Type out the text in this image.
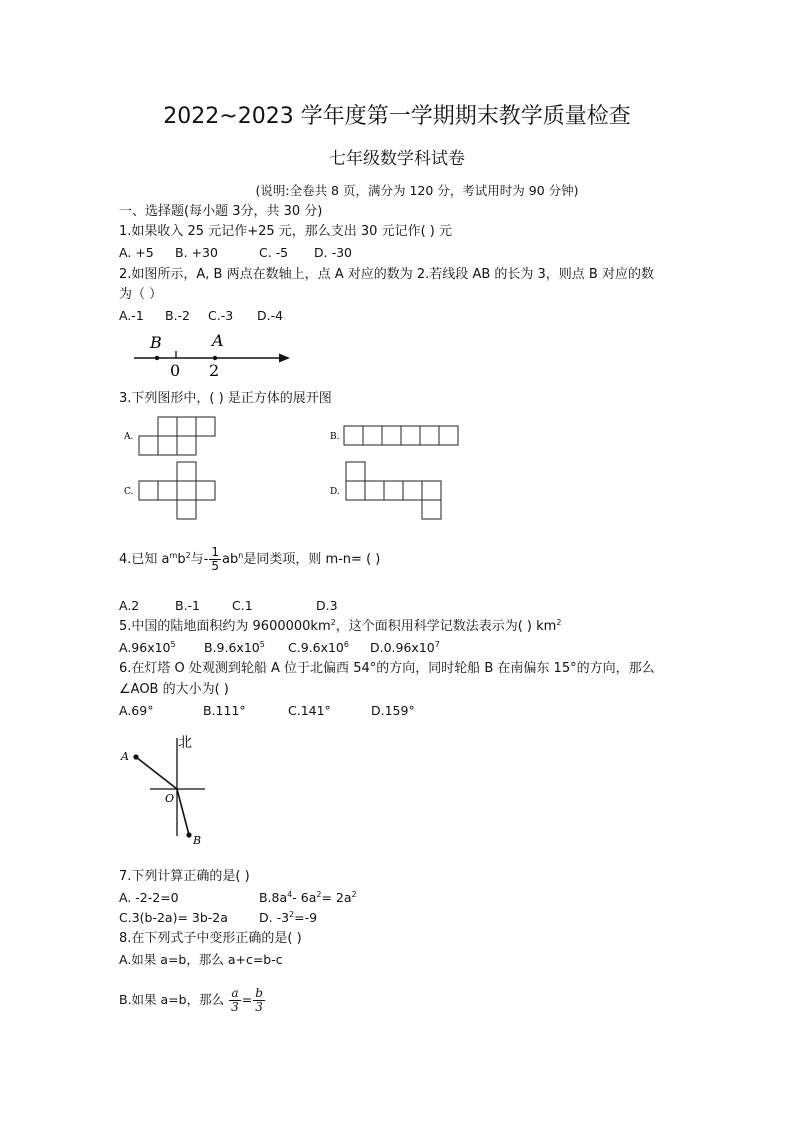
2022~2023 学年度第一学期期末教学质量检查
七年级数学科试卷
(说明:全卷共 8 页，满分为 120 分，考试用时为 90 分钟)
一、选择题(每小题 3分，共 30 分)
1.如果收入 25 元记作+25 元，那么支出 30 元记作( ) 元
A. +5 B. +30	C. -5 D. -30
2.如图所示，A, B 两点在数轴上，点 A 对应的数为 2.若线段 AB 的长为 3，则点 B 对应的数
为（ ）
A.-1 B.-2 C.-3 D.-4
B	A
0 2
3.下列图形中，( ) 是正方体的展开图
A.	B.
C.	D.
4.已知 $a^mb^2$与- $\frac{1}{5} ab^n$是同类项，则 m-n= ( )
A.2	B.-1	C.1	D.3
5.中国的陆地面积约为 $9600000km^2$，这个面积用科学记数法表示为( ) $km^2$
$A.96x10^5$ $B.9.6x10^5$ $C.9.6x10^6$ $D.0.96x10^7$
6.在灯塔 O 处观测到轮船 A 位于北偏西 54°的方向，同时轮船 B 在南偏东 15°的方向，那么
∠AOB 的大小为( )
A.69°	B.111°	C.141°	D.159°
北
A
O
B
7.下列计算正确的是( )
A. -2-2=0	$B.8a^4-$ $6a^2= 2a^2$
C.3(b-2a)= 3b-2a D. $-3^2=-9$
8.在下列式子中变形正确的是( )
A.如果 a=b，那么 a+c=b-c
B.如果 a=b，那么 $\frac{a}{3} = \frac{b}{3}$
